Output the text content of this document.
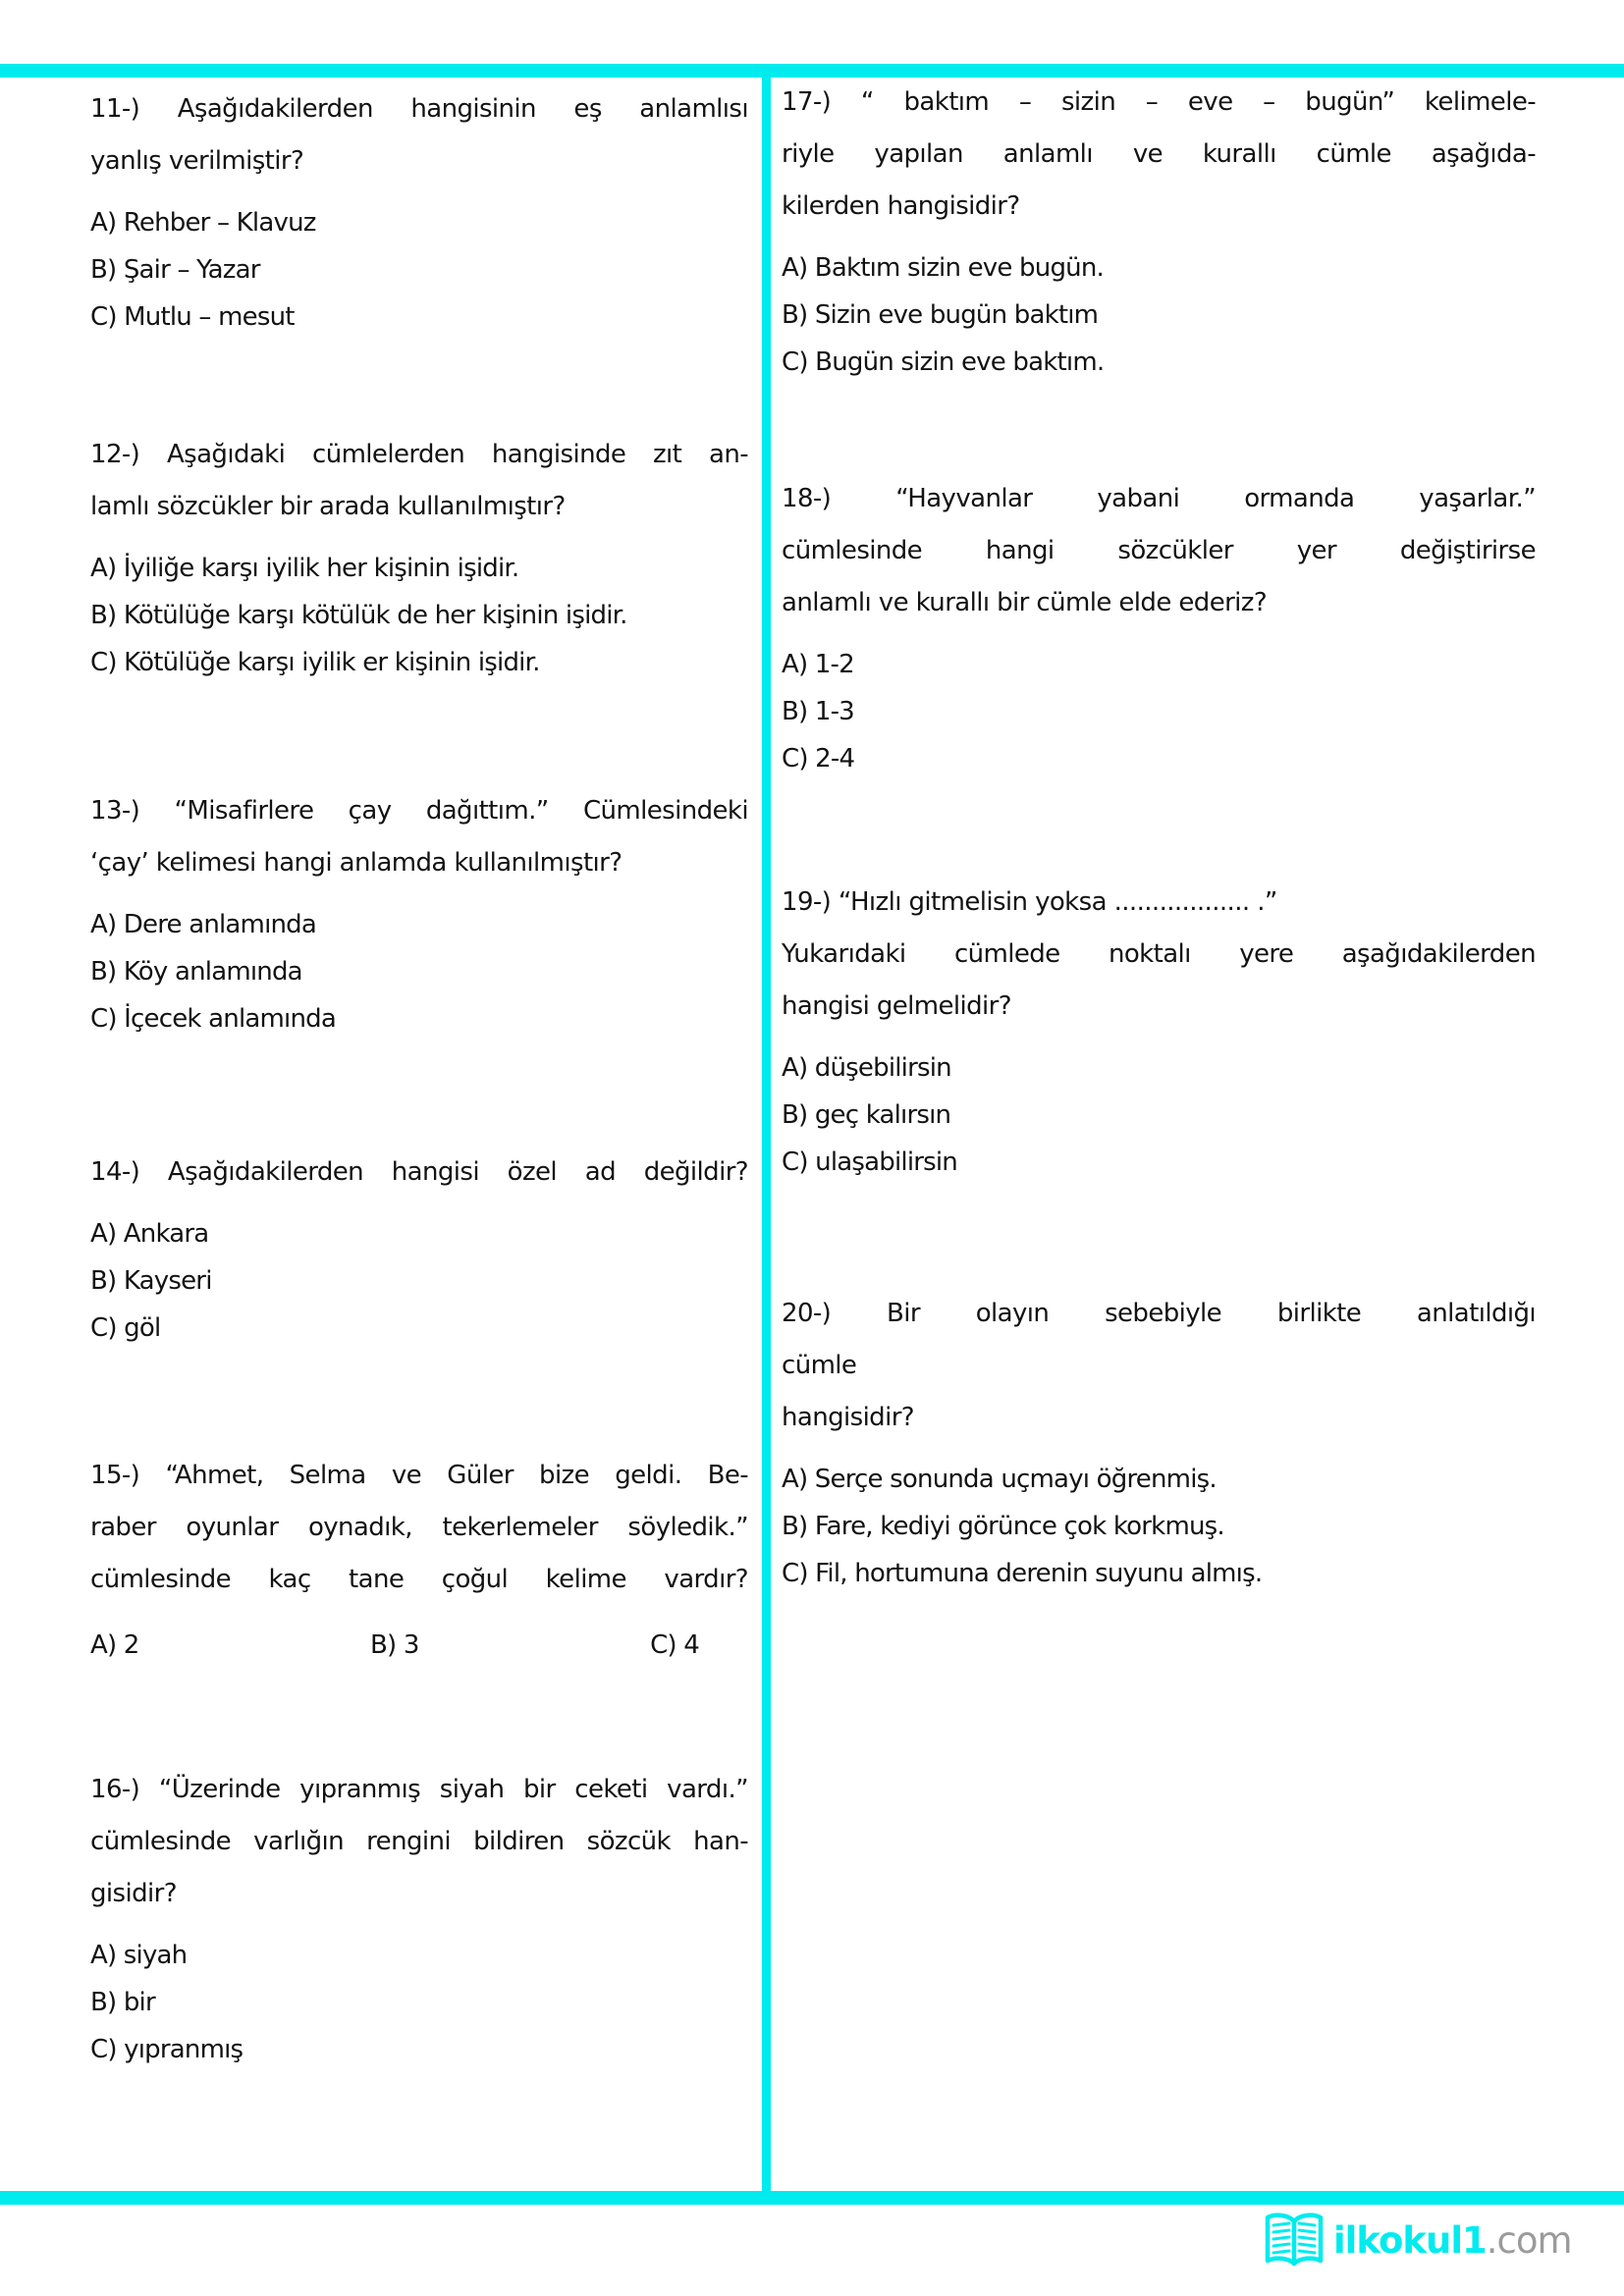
11-) Aşağıdakilerden hangisinin eş anlamlısı
yanlış verilmiştir?
A) Rehber – Klavuz
B) Şair – Yazar
C) Mutlu – mesut
12-) Aşağıdaki cümlelerden hangisinde zıt an-
lamlı sözcükler bir arada kullanılmıştır?
A) İyiliğe karşı iyilik her kişinin işidir.
B) Kötülüğe karşı kötülük de her kişinin işidir.
C) Kötülüğe karşı iyilik er kişinin işidir.
13-) “Misafirlere çay dağıttım.” Cümlesindeki
‘çay’ kelimesi hangi anlamda kullanılmıştır?
A) Dere anlamında
B) Köy anlamında
C) İçecek anlamında
14-) Aşağıdakilerden hangisi özel ad değildir?
A) Ankara
B) Kayseri
C) göl
15-) “Ahmet, Selma ve Güler bize geldi. Be-
raber oyunlar oynadık, tekerlemeler söyledik.”
cümlesinde kaç tane çoğul kelime vardır?
A) 2	B) 3	C) 4
16-) “Üzerinde yıpranmış siyah bir ceketi vardı.”
cümlesinde varlığın rengini bildiren sözcük han-
gisidir?
A) siyah
B) bir
C) yıpranmış
17-) “ baktım – sizin – eve – bugün” kelimele-
riyle yapılan anlamlı ve kurallı cümle aşağıda-
kilerden hangisidir?
A) Baktım sizin eve bugün.
B) Sizin eve bugün baktım
C) Bugün sizin eve baktım.
18-) “Hayvanlar yabani ormanda yaşarlar.”
cümlesinde hangi sözcükler yer değiştirirse
anlamlı ve kurallı bir cümle elde ederiz?
A) 1-2
B) 1-3
C) 2-4
19-) “Hızlı gitmelisin yoksa .................. .”
Yukarıdaki cümlede noktalı yere aşağıdakilerden
hangisi gelmelidir?
A) düşebilirsin
B) geç kalırsın
C) ulaşabilirsin
20-) Bir olayın sebebiyle birlikte anlatıldığı
cümle
hangisidir?
A) Serçe sonunda uçmayı öğrenmiş.
B) Fare, kediyi görünce çok korkmuş.
C) Fil, hortumuna derenin suyunu almış.
ilkokul1.com
